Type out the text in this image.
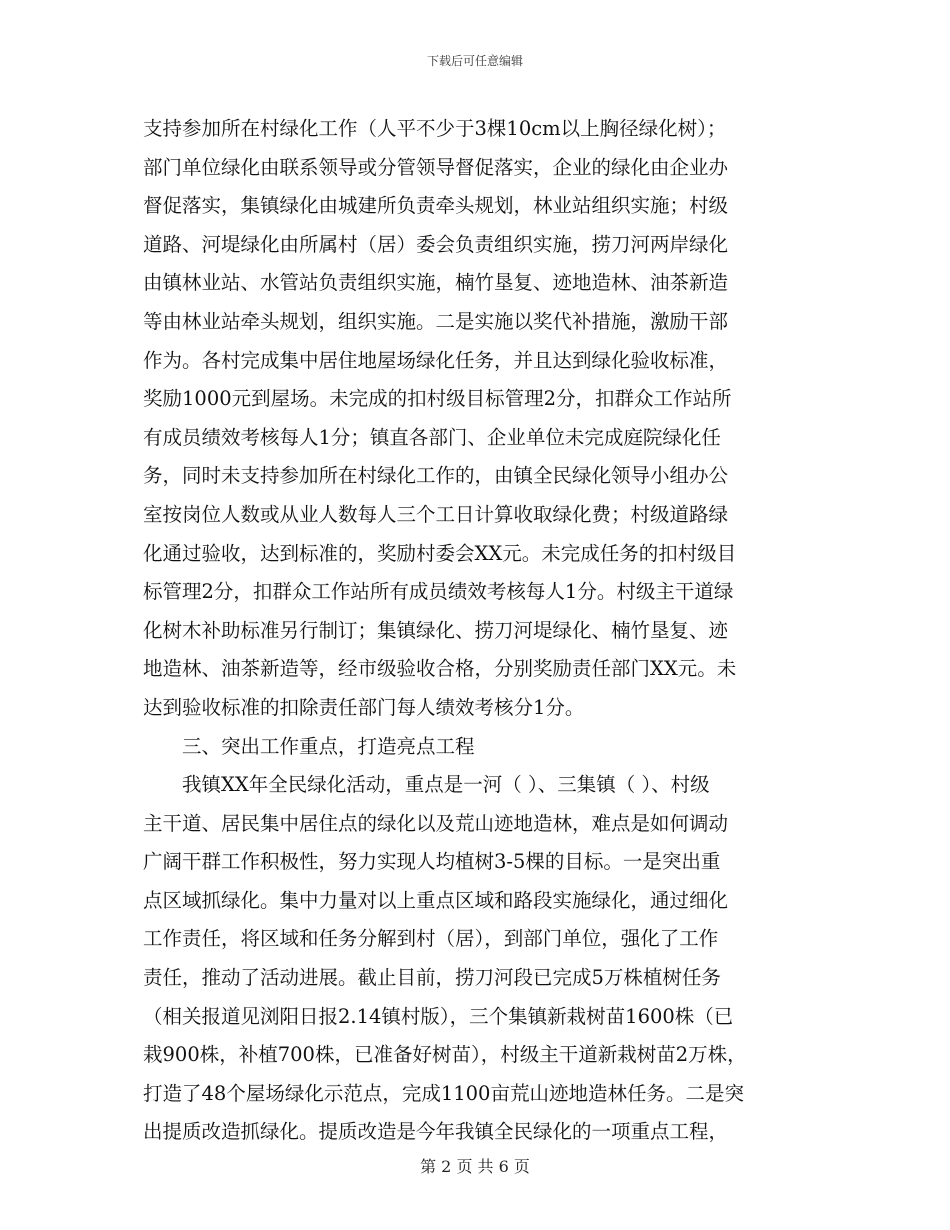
下载后可任意编辑
支持参加所在村绿化工作（人平不少于3棵10cm以上胸径绿化树）；
部门单位绿化由联系领导或分管领导督促落实，企业的绿化由企业办
督促落实，集镇绿化由城建所负责牵头规划，林业站组织实施；村级
道路、河堤绿化由所属村（居）委会负责组织实施，捞刀河两岸绿化
由镇林业站、水管站负责组织实施，楠竹垦复、迹地造林、油茶新造
等由林业站牵头规划，组织实施。二是实施以奖代补措施，激励干部
作为。各村完成集中居住地屋场绿化任务，并且达到绿化验收标准，
奖励1000元到屋场。未完成的扣村级目标管理2分，扣群众工作站所
有成员绩效考核每人1分；镇直各部门、企业单位未完成庭院绿化任
务，同时未支持参加所在村绿化工作的，由镇全民绿化领导小组办公
室按岗位人数或从业人数每人三个工日计算收取绿化费；村级道路绿
化通过验收，达到标准的，奖励村委会XX元。未完成任务的扣村级目
标管理2分，扣群众工作站所有成员绩效考核每人1分。村级主干道绿
化树木补助标准另行制订；集镇绿化、捞刀河堤绿化、楠竹垦复、迹
地造林、油茶新造等，经市级验收合格，分别奖励责任部门XX元。未
达到验收标准的扣除责任部门每人绩效考核分1分。
　　三、突出工作重点，打造亮点工程
　　我镇XX年全民绿化活动，重点是一河（ ）、三集镇（ ）、村级
主干道、居民集中居住点的绿化以及荒山迹地造林，难点是如何调动
广阔干群工作积极性，努力实现人均植树3-5棵的目标。一是突出重
点区域抓绿化。集中力量对以上重点区域和路段实施绿化，通过细化
工作责任，将区域和任务分解到村（居），到部门单位，强化了工作
责任，推动了活动进展。截止目前，捞刀河段已完成5万株植树任务
（相关报道见浏阳日报2.14镇村版），三个集镇新栽树苗1600株（已
栽900株，补植700株，已准备好树苗），村级主干道新栽树苗2万株，
打造了48个屋场绿化示范点，完成1100亩荒山迹地造林任务。二是突
出提质改造抓绿化。提质改造是今年我镇全民绿化的一项重点工程，
第 2 页 共 6 页
